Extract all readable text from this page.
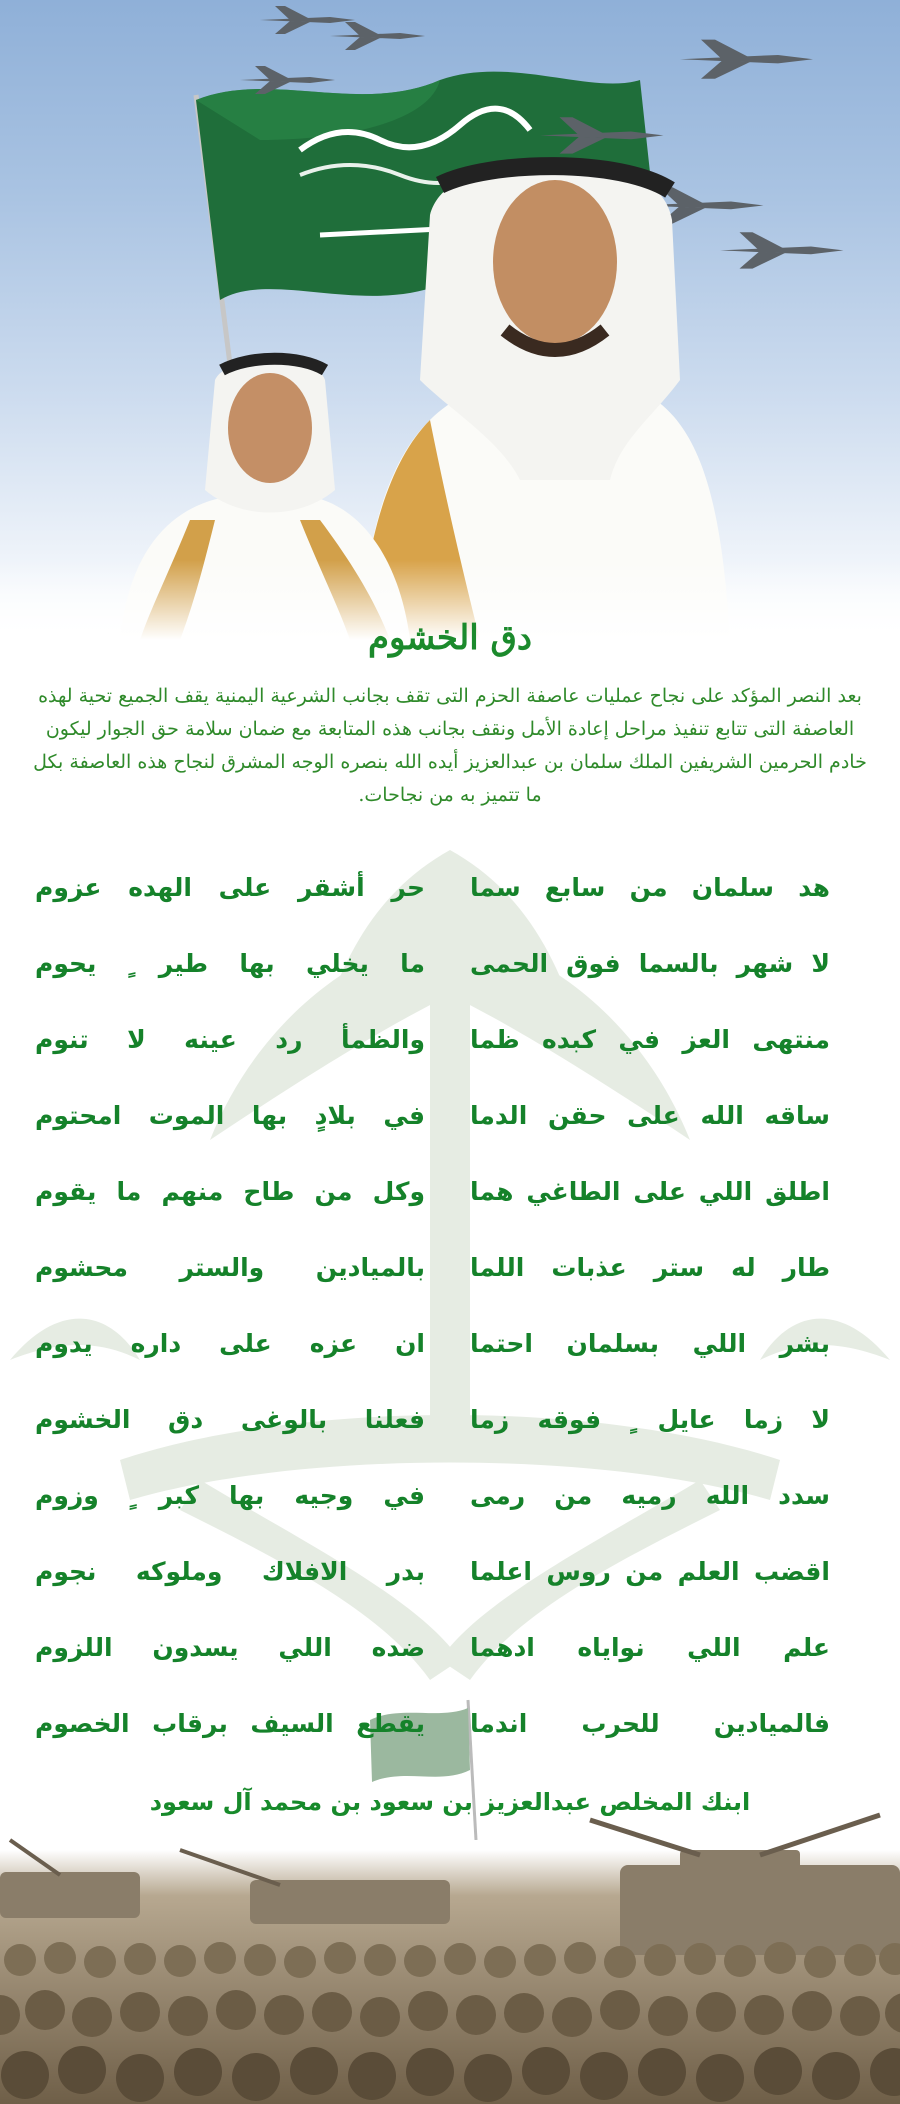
دق الخشوم
بعد النصر المؤكد على نجاح عمليات عاصفة الحزم التى تقف بجانب الشرعية اليمنية يقف الجميع تحية لهذه العاصفة التى تتابع تنفيذ مراحل إعادة الأمل ونقف بجانب هذه المتابعة مع ضمان سلامة حق الجوار ليكون خادم الحرمين الشريفين الملك سلمان بن عبدالعزيز أيده الله بنصره الوجه المشرق لنجاح هذه العاصفة بكل ما تتميز به من نجاحات.
هد سلمان من سابع سما
حر أشقر على الهده عزوم
لا شهر بالسما فوق الحمى
ما يخلي بها طير ٍ يحوم
منتهى العز في كبده ظما
والظمأ رد عينه لا تنوم
ساقه الله على حقن الدما
في بلادٍ بها الموت امحتوم
اطلق اللي على الطاغي هما
وكل من طاح منهم ما يقوم
طار له ستر عذبات اللما
بالميادين والستر محشوم
بشر اللي بسلمان احتما
ان عزه على داره يدوم
لا زما عايل ٍ فوقه زما
فعلنا بالوغى دق الخشوم
سدد الله رميه من رمى
في وجيه بها كبر ٍ وزوم
اقضب العلم من روس اعلما
بدر الافلاك وملوكه نجوم
علم اللي نواياه ادهما
ضده اللي يسدون اللزوم
فالميادين للحرب اندما
يقطع السيف برقاب الخصوم
ابنك المخلص عبدالعزيز بن سعود بن محمد آل سعود
